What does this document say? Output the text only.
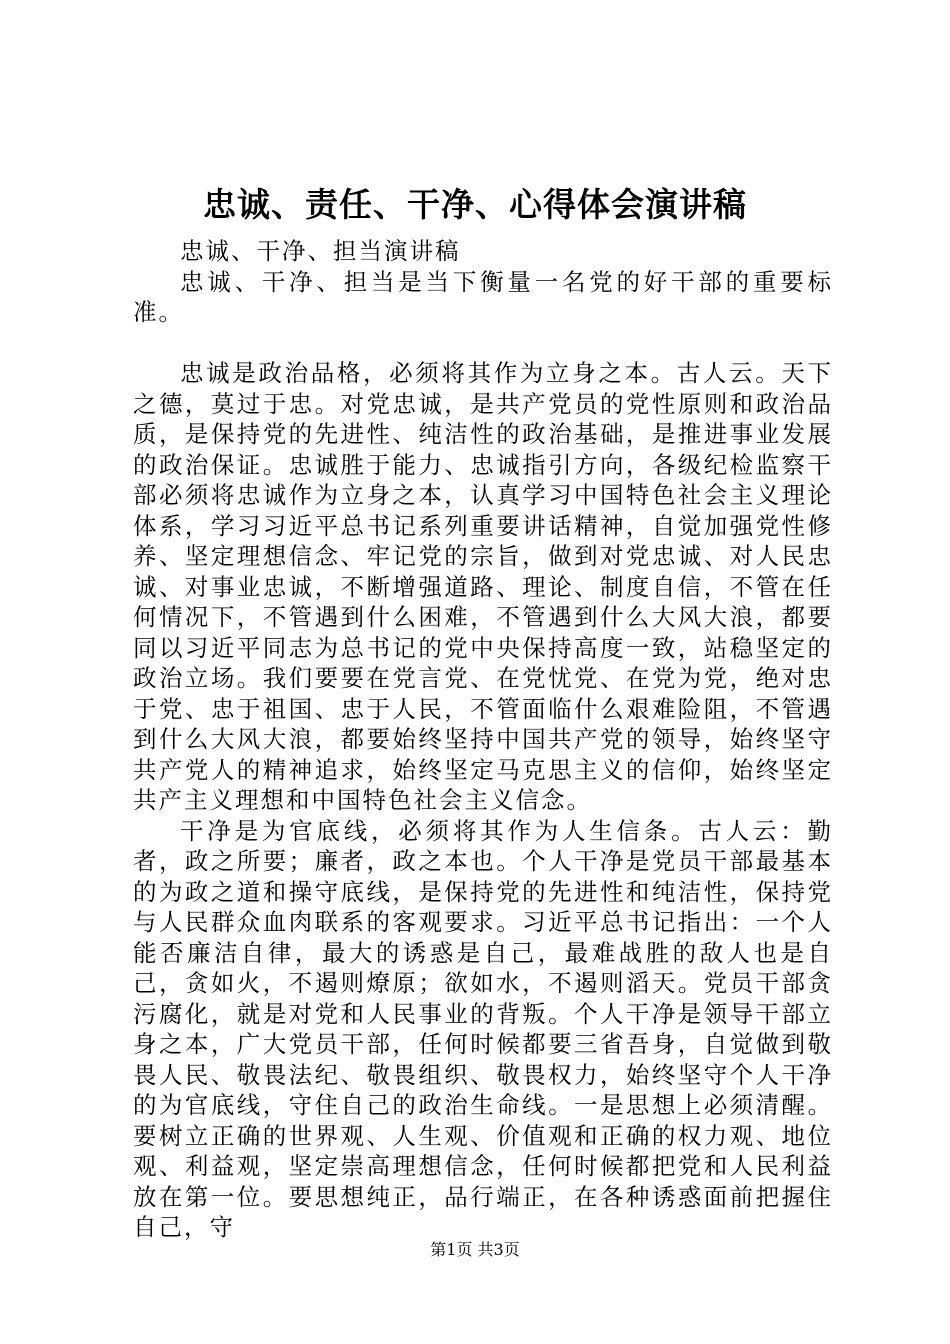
忠诚、责任、干净、心得体会演讲稿

忠诚、干净、担当演讲稿

忠诚、干净、担当是当下衡量一名党的好干部的重要标准。

忠诚是政治品格，必须将其作为立身之本。古人云。天下之德，莫过于忠。对党忠诚，是共产党员的党性原则和政治品质，是保持党的先进性、纯洁性的政治基础，是推进事业发展的政治保证。忠诚胜于能力、忠诚指引方向，各级纪检监察干部必须将忠诚作为立身之本，认真学习中国特色社会主义理论体系，学习习近平总书记系列重要讲话精神，自觉加强党性修养、坚定理想信念、牢记党的宗旨，做到对党忠诚、对人民忠诚、对事业忠诚，不断增强道路、理论、制度自信，不管在任何情况下，不管遇到什么困难，不管遇到什么大风大浪，都要同以习近平同志为总书记的党中央保持高度一致，站稳坚定的政治立场。我们要要在党言党、在党忧党、在党为党，绝对忠于党、忠于祖国、忠于人民，不管面临什么艰难险阻，不管遇到什么大风大浪，都要始终坚持中国共产党的领导，始终坚守共产党人的精神追求，始终坚定马克思主义的信仰，始终坚定共产主义理想和中国特色社会主义信念。

干净是为官底线，必须将其作为人生信条。古人云：勤者，政之所要；廉者，政之本也。个人干净是党员干部最基本的为政之道和操守底线，是保持党的先进性和纯洁性，保持党与人民群众血肉联系的客观要求。习近平总书记指出：一个人能否廉洁自律，最大的诱惑是自己，最难战胜的敌人也是自己，贪如火，不遏则燎原；欲如水，不遏则滔天。党员干部贪污腐化，就是对党和人民事业的背叛。个人干净是领导干部立身之本，广大党员干部，任何时候都要三省吾身，自觉做到敬畏人民、敬畏法纪、敬畏组织、敬畏权力，始终坚守个人干净的为官底线，守住自己的政治生命线。一是思想上必须清醒。要树立正确的世界观、人生观、价值观和正确的权力观、地位观、利益观，坚定崇高理想信念，任何时候都把党和人民利益放在第一位。要思想纯正，品行端正，在各种诱惑面前把握住自己，守

第1页 共3页
